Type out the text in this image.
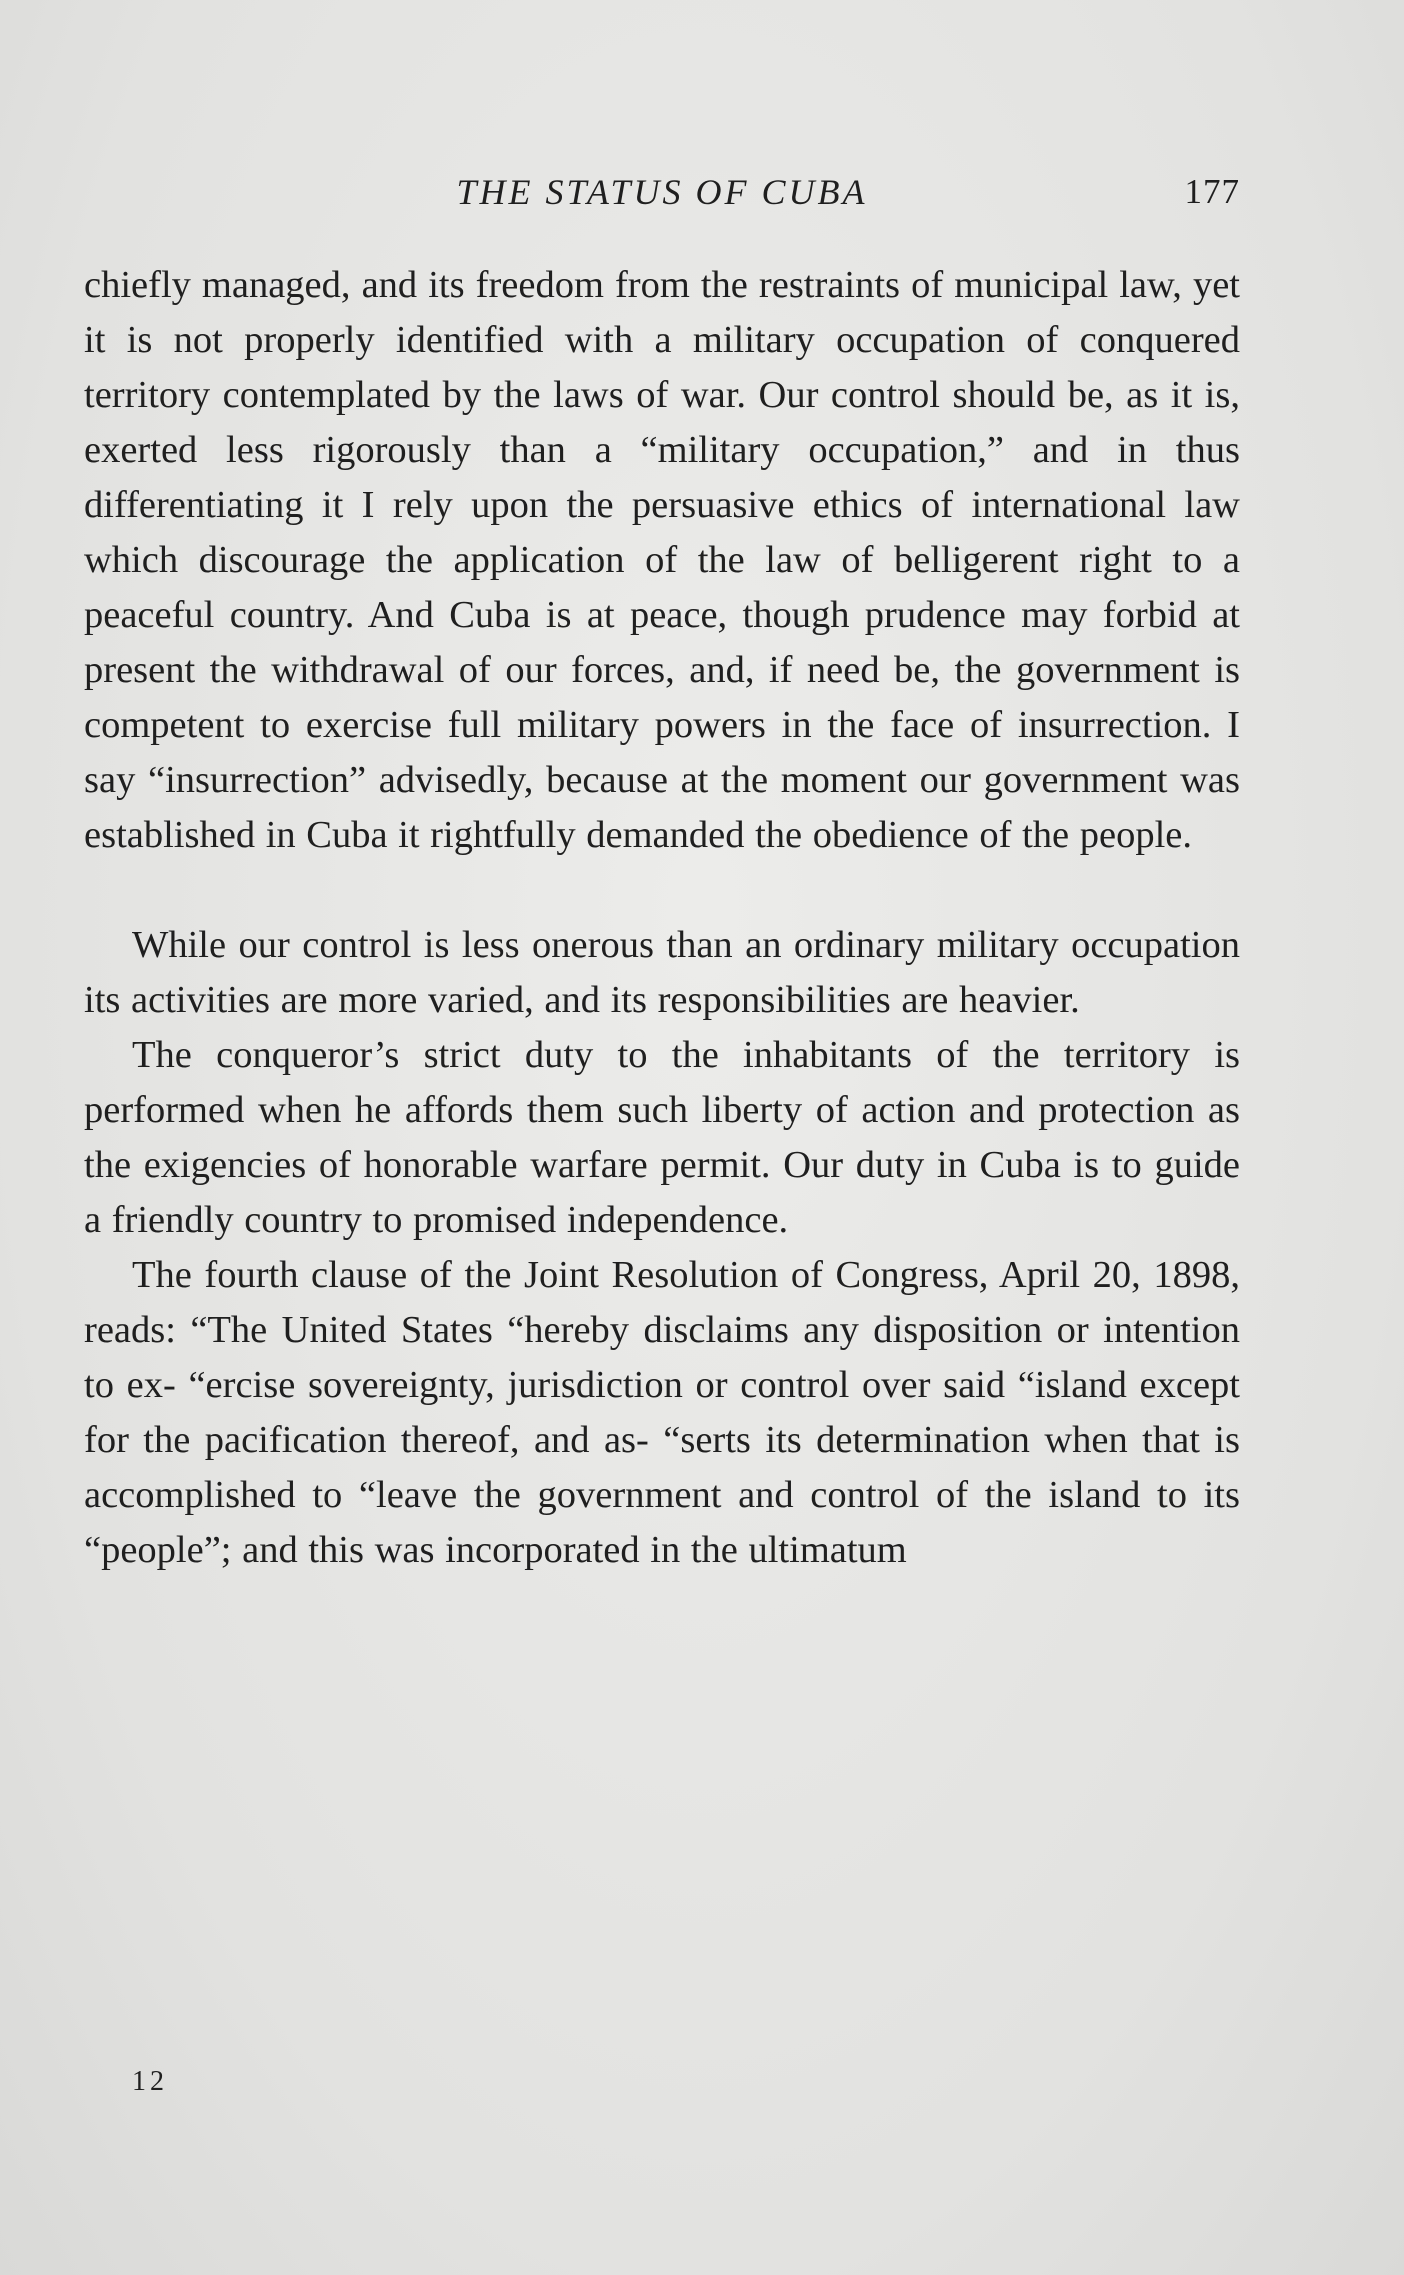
THE STATUS OF CUBA	177

chiefly managed, and its freedom from the restraints of municipal law, yet it is not properly identified with a military occupation of conquered territory contemplated by the laws of war. Our control should be, as it is, exerted less rigorously than a “military occupation,” and in thus differentiating it I rely upon the persuasive ethics of international law which discourage the application of the law of belligerent right to a peaceful country. And Cuba is at peace, though prudence may forbid at present the withdrawal of our forces, and, if need be, the government is competent to exercise full military powers in the face of insurrection. I say “insurrection” advisedly, because at the moment our government was established in Cuba it rightfully demanded the obedience of the people.

While our control is less onerous than an ordinary military occupation its activities are more varied, and its responsibilities are heavier.

The conqueror’s strict duty to the inhabitants of the territory is performed when he affords them such liberty of action and protection as the exigencies of honorable warfare permit. Our duty in Cuba is to guide a friendly country to promised independence.

The fourth clause of the Joint Resolution of Congress, April 20, 1898, reads: “The United States “hereby disclaims any disposition or intention to ex- “ercise sovereignty, jurisdiction or control over said “island except for the pacification thereof, and as- “serts its determination when that is accomplished to “leave the government and control of the island to its “people”; and this was incorporated in the ultimatum

12
